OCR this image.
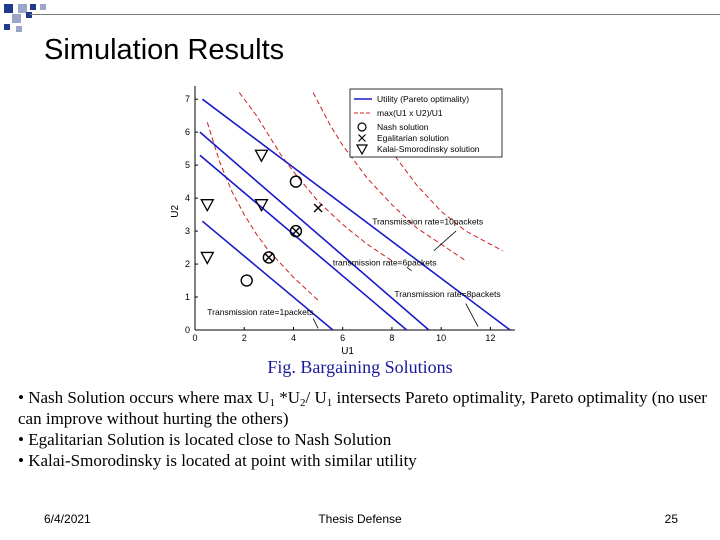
Simulation Results
0	2	4	6	8	10	12
0
1
2
3
4
5
6
7
U1
U2
Transmission rate=10packets
transmission rate=6packets
Transmission rate=8packets
Transmission rate=1packets
Utility (Pareto optimality)
max(U1 x U2)/U1
Nash solution
Egalitarian solution
Kalai-Smorodinsky solution
Fig. Bargaining Solutions

• Nash Solution occurs where $\max U_1$ $*U_2/$ $U_1$ intersects Pareto optimality, Pareto optimality (no user can improve without hurting the others)

• Egalitarian Solution is located close to Nash Solution

• Kalai-Smorodinsky is located at point with similar utility

6/4/2021	Thesis Defense	25
